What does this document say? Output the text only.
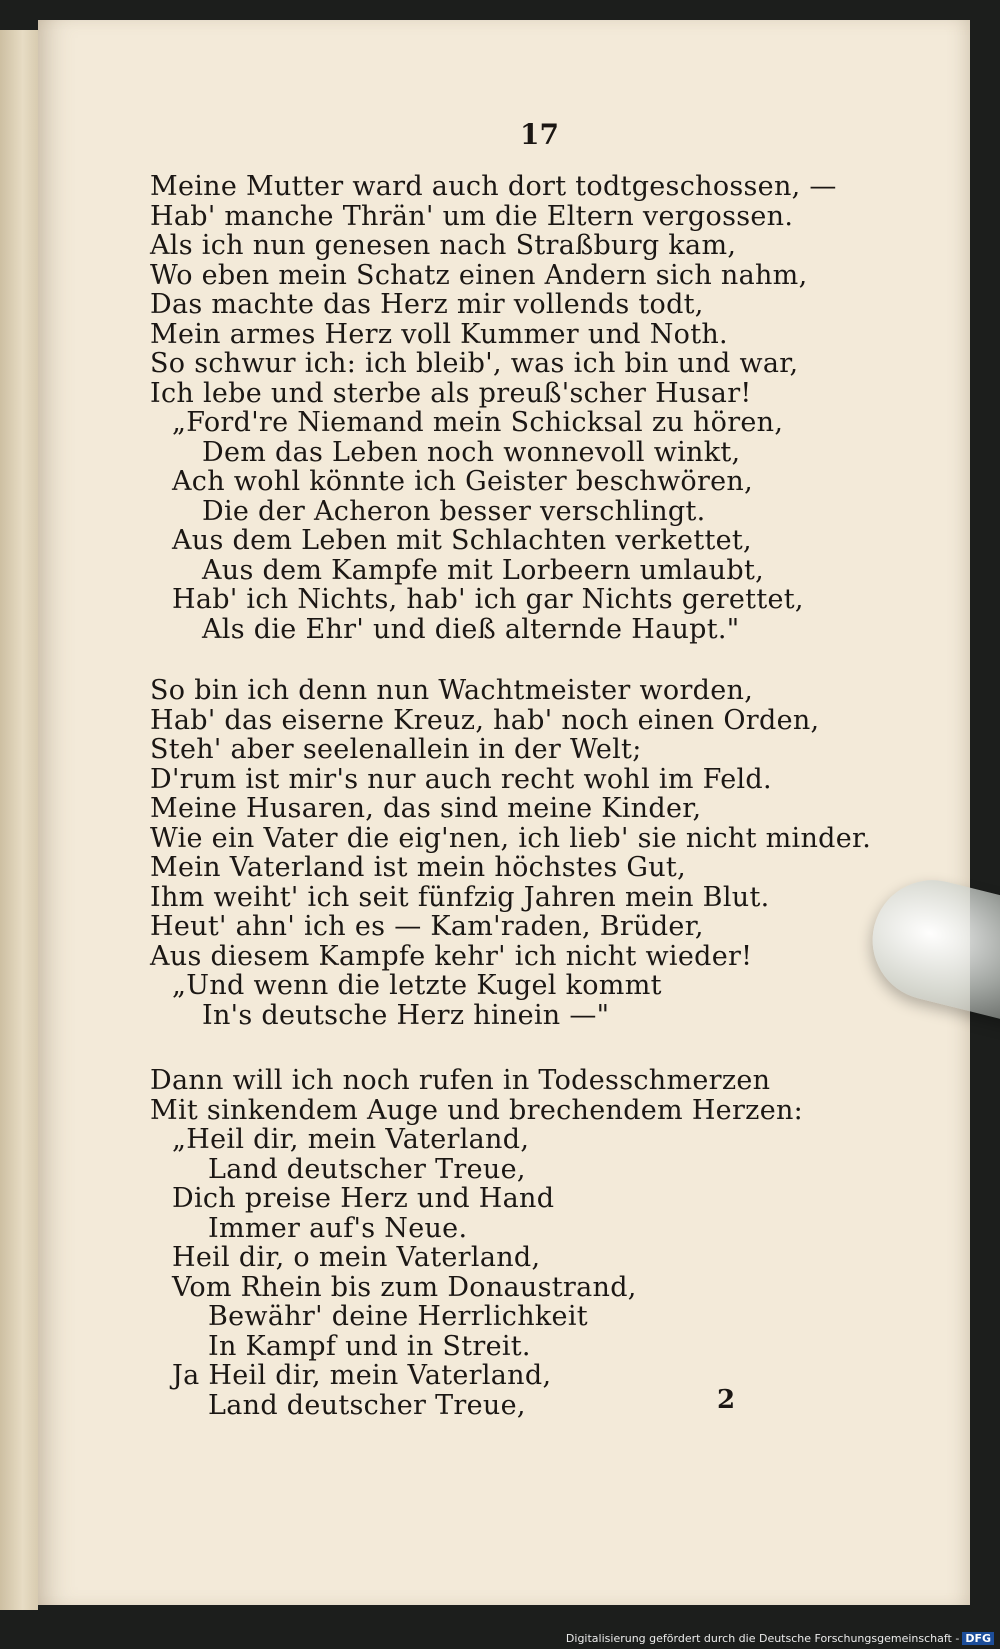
17
Meine Mutter ward auch dort todtgeschossen, —
Hab' manche Thrän' um die Eltern vergossen.
Als ich nun genesen nach Straßburg kam,
Wo eben mein Schatz einen Andern sich nahm,
Das machte das Herz mir vollends todt,
Mein armes Herz voll Kummer und Noth.
So schwur ich: ich bleib', was ich bin und war,
Ich lebe und sterbe als preuß'scher Husar!
„Ford're Niemand mein Schicksal zu hören,
Dem das Leben noch wonnevoll winkt,
Ach wohl könnte ich Geister beschwören,
Die der Acheron besser verschlingt.
Aus dem Leben mit Schlachten verkettet,
Aus dem Kampfe mit Lorbeern umlaubt,
Hab' ich Nichts, hab' ich gar Nichts gerettet,
Als die Ehr' und dieß alternde Haupt."
So bin ich denn nun Wachtmeister worden,
Hab' das eiserne Kreuz, hab' noch einen Orden,
Steh' aber seelenallein in der Welt;
D'rum ist mir's nur auch recht wohl im Feld.
Meine Husaren, das sind meine Kinder,
Wie ein Vater die eig'nen, ich lieb' sie nicht minder.
Mein Vaterland ist mein höchstes Gut,
Ihm weiht' ich seit fünfzig Jahren mein Blut.
Heut' ahn' ich es — Kam'raden, Brüder,
Aus diesem Kampfe kehr' ich nicht wieder!
„Und wenn die letzte Kugel kommt
In's deutsche Herz hinein —"
Dann will ich noch rufen in Todesschmerzen
Mit sinkendem Auge und brechendem Herzen:
„Heil dir, mein Vaterland,
Land deutscher Treue,
Dich preise Herz und Hand
Immer auf's Neue.
Heil dir, o mein Vaterland,
Vom Rhein bis zum Donaustrand,
Bewähr' deine Herrlichkeit
In Kampf und in Streit.
Ja Heil dir, mein Vaterland,
Land deutscher Treue,	2
Digitalisierung gefördert durch die Deutsche Forschungsgemeinschaft - DFG
